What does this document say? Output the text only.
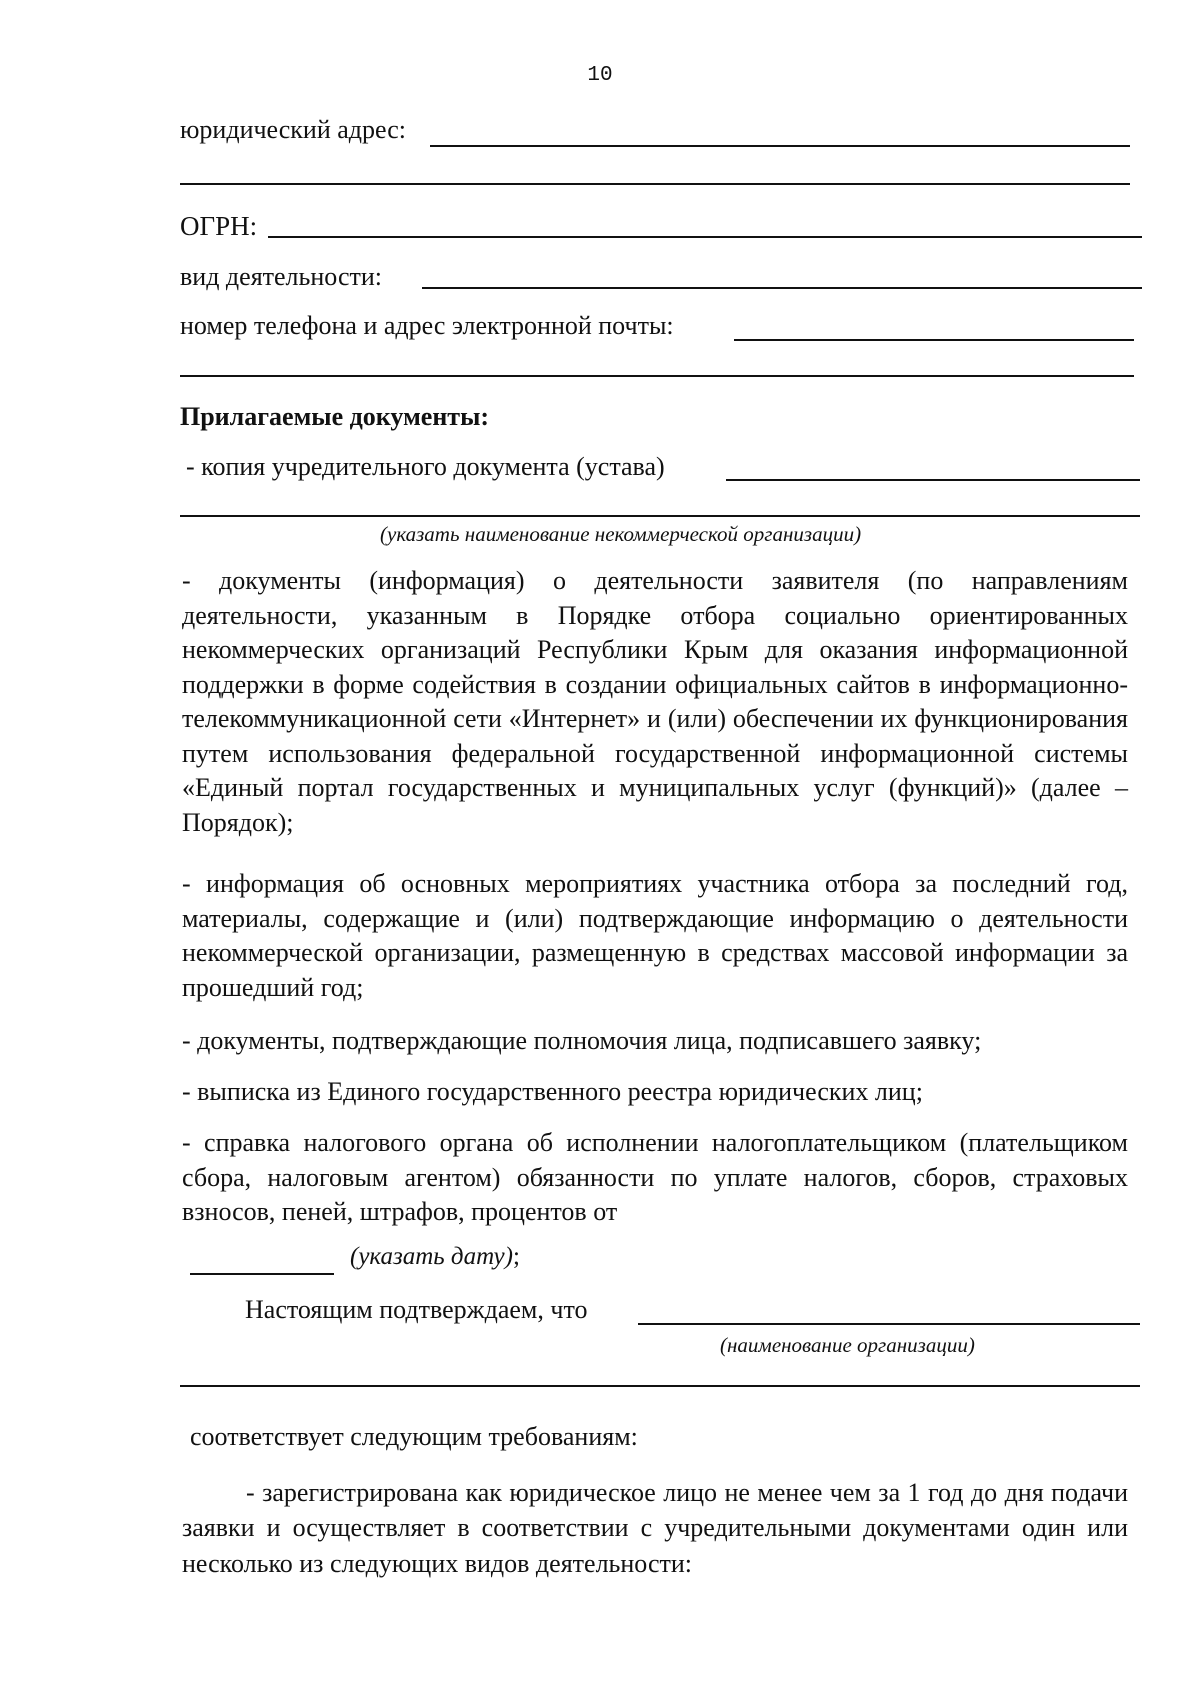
10
юридический адрес:
ОГРН:
вид деятельности:
номер телефона и адрес электронной почты:
Прилагаемые документы:
- копия учредительного документа (устава)
(указать наименование некоммерческой организации)
- документы (информация) о деятельности заявителя (по направлениям деятельности, указанным в Порядке отбора социально ориентированных некоммерческих организаций Республики Крым для оказания информационной поддержки в форме содействия в создании официальных сайтов в информационно-телекоммуникационной сети «Интернет» и (или) обеспечении их функционирования путем использования федеральной государственной информационной системы «Единый портал государственных и муниципальных услуг (функций)» (далее – Порядок);
- информация об основных мероприятиях участника отбора за последний год, материалы, содержащие и (или) подтверждающие информацию о деятельности некоммерческой организации, размещенную в средствах массовой информации за прошедший год;
- документы, подтверждающие полномочия лица, подписавшего заявку;
- выписка из Единого государственного реестра юридических лиц;
- справка налогового органа об исполнении налогоплательщиком (плательщиком сбора, налоговым агентом) обязанности по уплате налогов, сборов, страховых взносов, пеней, штрафов, процентов от
(указать дату);
Настоящим подтверждаем, что
(наименование организации)
соответствует следующим требованиям:
- зарегистрирована как юридическое лицо не менее чем за 1 год до дня подачи заявки и осуществляет в соответствии с учредительными документами один или несколько из следующих видов деятельности:
